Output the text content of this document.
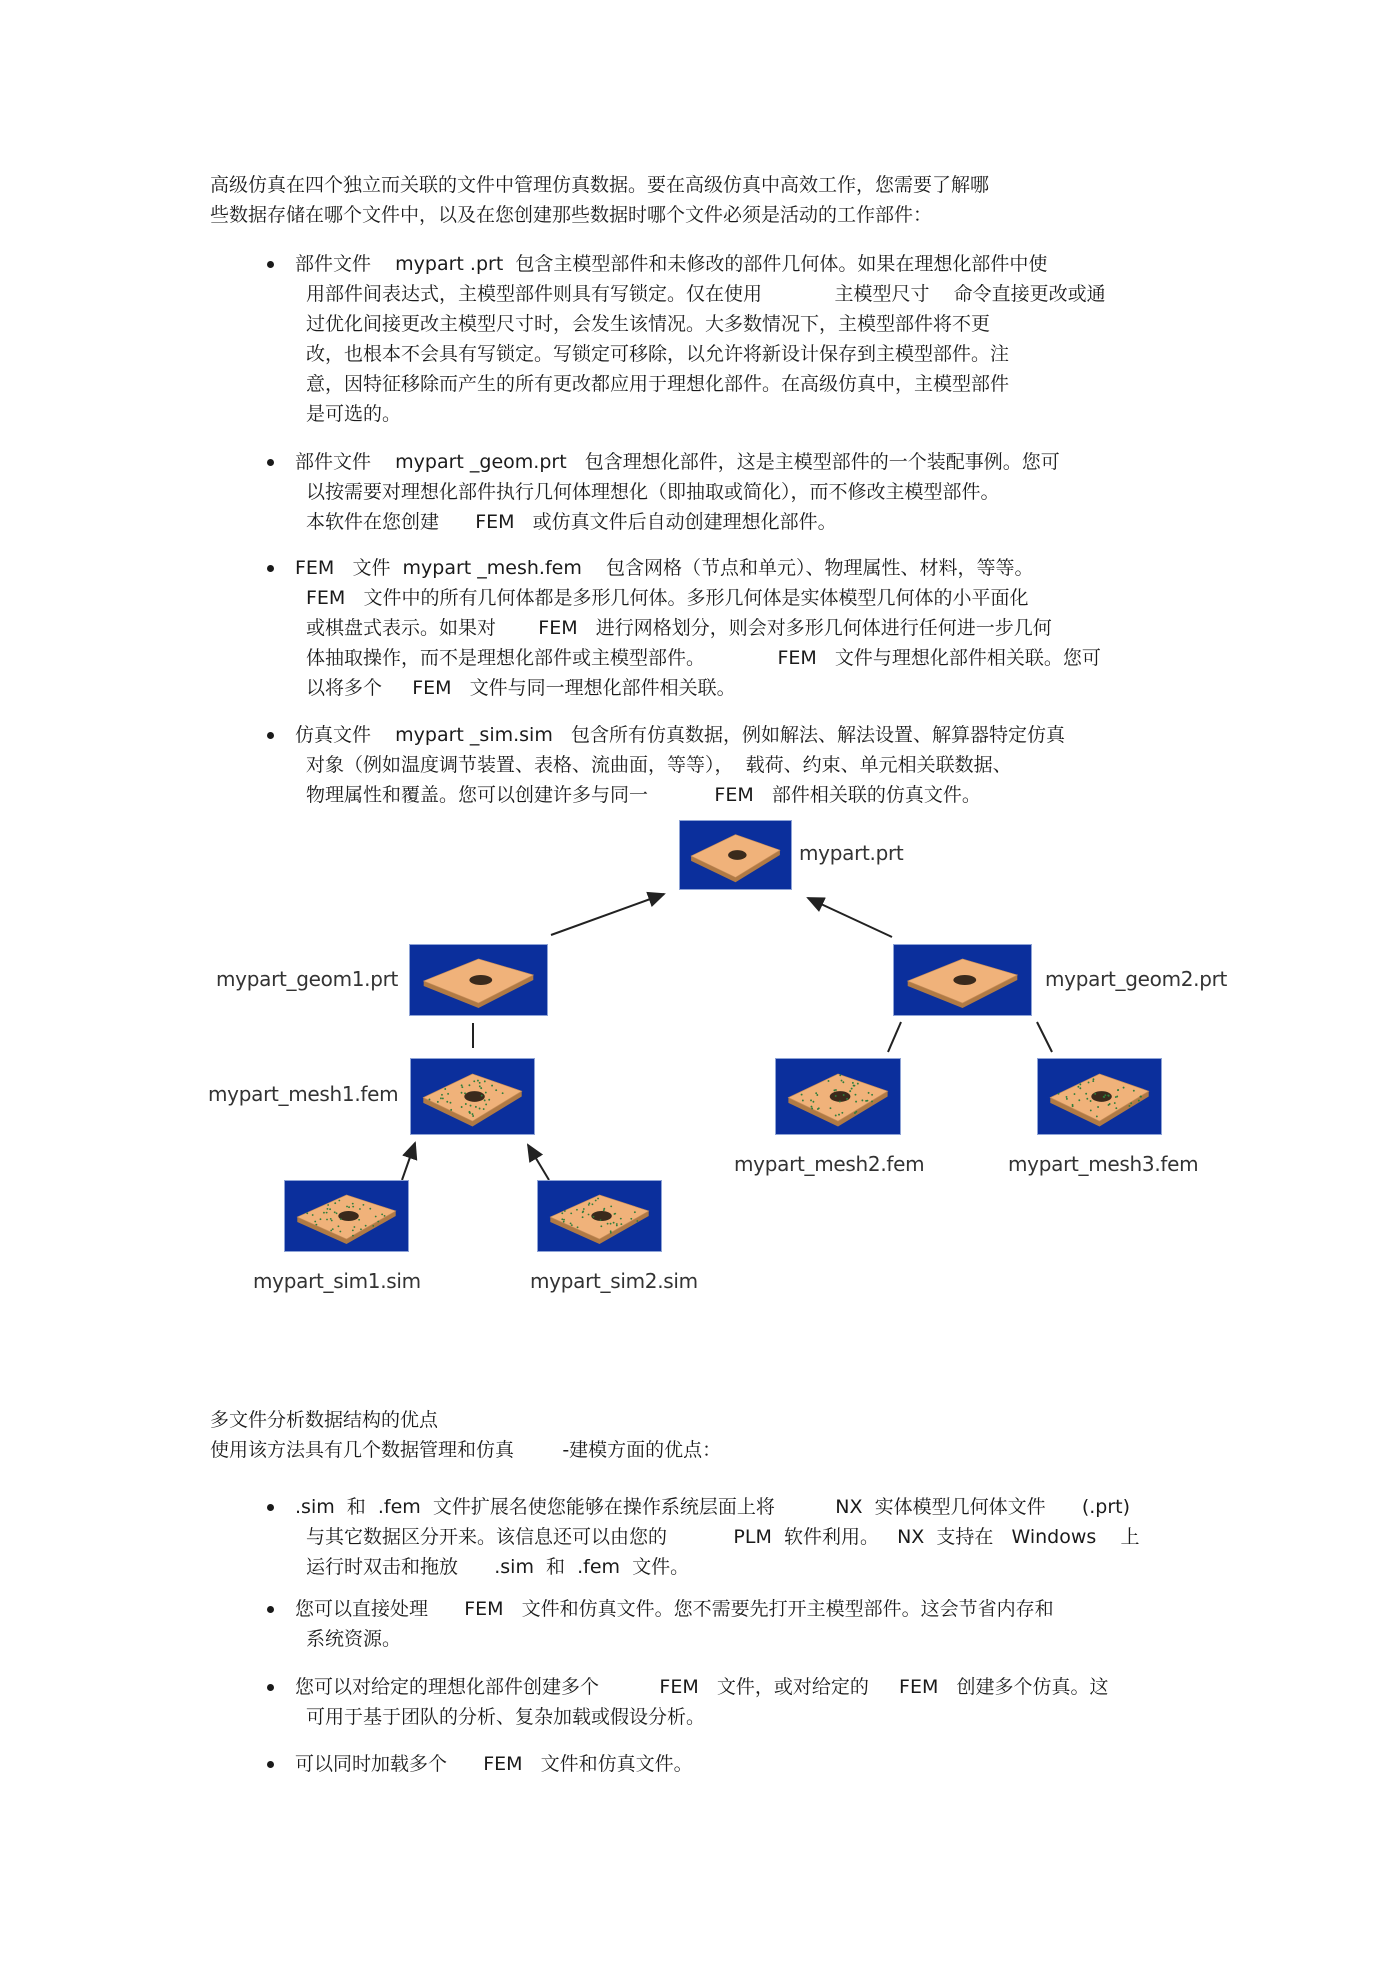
高级仿真在四个独立而关联的文件中管理仿真数据。要在高级仿真中高效工作，您需要了解哪
些数据存储在哪个文件中，以及在您创建那些数据时哪个文件必须是活动的工作部件：
部件文件    mypart .prt  包含主模型部件和未修改的部件几何体。如果在理想化部件中使
用部件间表达式，主模型部件则具有写锁定。仅在使用            主模型尺寸    命令直接更改或通
过优化间接更改主模型尺寸时，会发生该情况。大多数情况下，主模型部件将不更
改，也根本不会具有写锁定。写锁定可移除，以允许将新设计保存到主模型部件。注
意，因特征移除而产生的所有更改都应用于理想化部件。在高级仿真中，主模型部件
是可选的。
部件文件    mypart _geom.prt   包含理想化部件，这是主模型部件的一个装配事例。您可
以按需要对理想化部件执行几何体理想化（即抽取或简化），而不修改主模型部件。
本软件在您创建      FEM   或仿真文件后自动创建理想化部件。
FEM   文件  mypart _mesh.fem    包含网格（节点和单元）、物理属性、材料，等等。
FEM   文件中的所有几何体都是多形几何体。多形几何体是实体模型几何体的小平面化
或棋盘式表示。如果对       FEM   进行网格划分，则会对多形几何体进行任何进一步几何
体抽取操作，而不是理想化部件或主模型部件。            FEM   文件与理想化部件相关联。您可
以将多个     FEM   文件与同一理想化部件相关联。
仿真文件    mypart _sim.sim   包含所有仿真数据，例如解法、解法设置、解算器特定仿真
对象（例如温度调节装置、表格、流曲面，等等），  载荷、约束、单元相关联数据、
物理属性和覆盖。您可以创建许多与同一           FEM   部件相关联的仿真文件。
mypart.prt
mypart_geom1.prt	mypart_geom2.prt
mypart_mesh1.fem
mypart_mesh2.fem	mypart_mesh3.fem
mypart_sim1.sim	mypart_sim2.sim
多文件分析数据结构的优点
使用该方法具有几个数据管理和仿真        -建模方面的优点：
.sim  和  .fem  文件扩展名使您能够在操作系统层面上将          NX  实体模型几何体文件      (.prt)
与其它数据区分开来。该信息还可以由您的           PLM  软件利用。   NX  支持在   Windows    上
运行时双击和拖放      .sim  和  .fem  文件。
您可以直接处理      FEM   文件和仿真文件。您不需要先打开主模型部件。这会节省内存和
系统资源。
您可以对给定的理想化部件创建多个          FEM   文件，或对给定的     FEM   创建多个仿真。这
可用于基于团队的分析、复杂加载或假设分析。
可以同时加载多个      FEM   文件和仿真文件。
